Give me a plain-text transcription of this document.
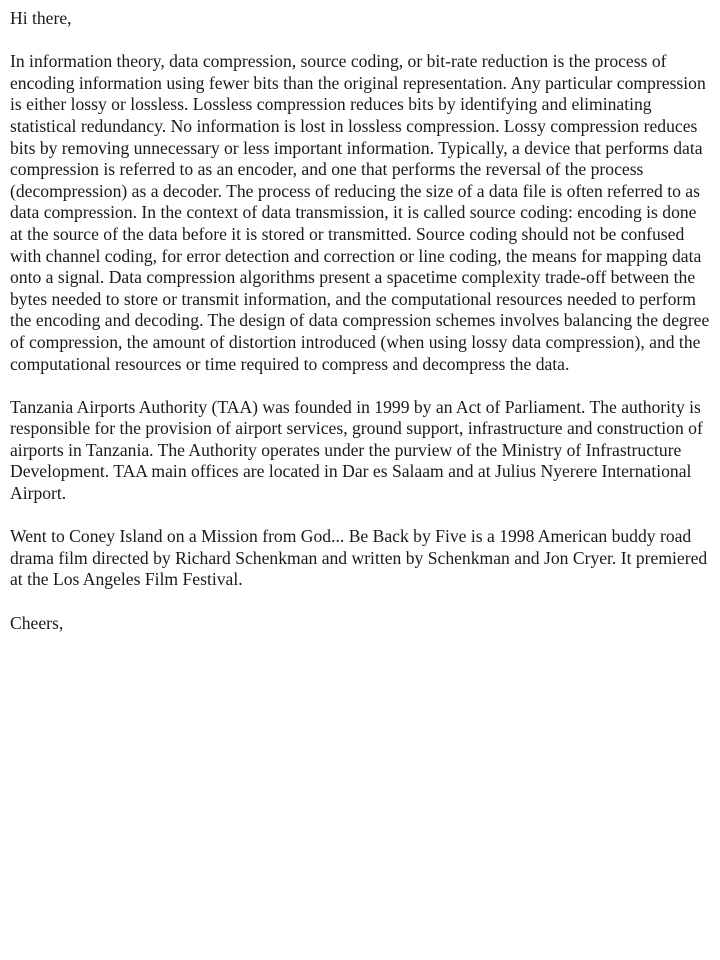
Hi there,

In information theory, data compression, source coding, or bit-rate reduction is the process of encoding information using fewer bits than the original representation. Any particular compression is either lossy or lossless. Lossless compression reduces bits by identifying and eliminating statistical redundancy. No information is lost in lossless compression. Lossy compression reduces bits by removing unnecessary or less important information. Typically, a device that performs data compression is referred to as an encoder, and one that performs the reversal of the process (decompression) as a decoder. The process of reducing the size of a data file is often referred to as data compression. In the context of data transmission, it is called source coding: encoding is done at the source of the data before it is stored or transmitted. Source coding should not be confused with channel coding, for error detection and correction or line coding, the means for mapping data onto a signal. Data compression algorithms present a spacetime complexity trade-off between the bytes needed to store or transmit information, and the computational resources needed to perform the encoding and decoding. The design of data compression schemes involves balancing the degree of compression, the amount of distortion introduced (when using lossy data compression), and the computational resources or time required to compress and decompress the data.

Tanzania Airports Authority (TAA) was founded in 1999 by an Act of Parliament. The authority is responsible for the provision of airport services, ground support, infrastructure and construction of airports in Tanzania. The Authority operates under the purview of the Ministry of Infrastructure Development. TAA main offices are located in Dar es Salaam and at Julius Nyerere International Airport.

Went to Coney Island on a Mission from God... Be Back by Five is a 1998 American buddy road drama film directed by Richard Schenkman and written by Schenkman and Jon Cryer. It premiered at the Los Angeles Film Festival.

Cheers,
